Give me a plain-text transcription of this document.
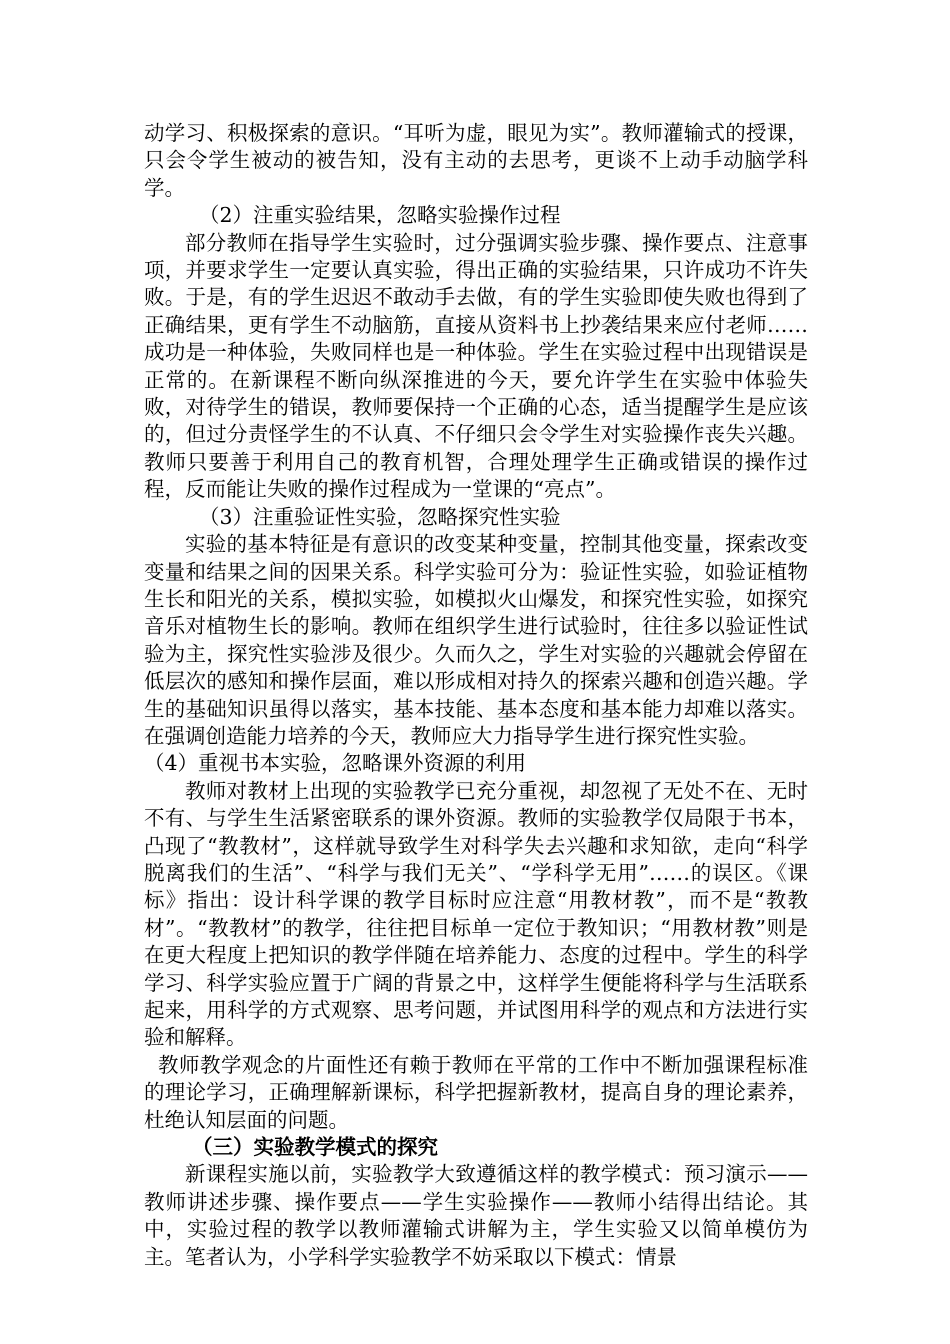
动学习、积极探索的意识。“耳听为虚，眼见为实”。教师灌输式的授课，只会令学生被动的被告知，没有主动的去思考，更谈不上动手动脑学科学。

（2）注重实验结果，忽略实验操作过程

部分教师在指导学生实验时，过分强调实验步骤、操作要点、注意事项，并要求学生一定要认真实验，得出正确的实验结果，只许成功不许失败。于是，有的学生迟迟不敢动手去做，有的学生实验即使失败也得到了正确结果，更有学生不动脑筋，直接从资料书上抄袭结果来应付老师……成功是一种体验，失败同样也是一种体验。学生在实验过程中出现错误是正常的。在新课程不断向纵深推进的今天，要允许学生在实验中体验失败，对待学生的错误，教师要保持一个正确的心态，适当提醒学生是应该的，但过分责怪学生的不认真、不仔细只会令学生对实验操作丧失兴趣。教师只要善于利用自己的教育机智，合理处理学生正确或错误的操作过程，反而能让失败的操作过程成为一堂课的“亮点”。

（3）注重验证性实验，忽略探究性实验

实验的基本特征是有意识的改变某种变量，控制其他变量，探索改变变量和结果之间的因果关系。科学实验可分为：验证性实验，如验证植物生长和阳光的关系，模拟实验，如模拟火山爆发，和探究性实验，如探究音乐对植物生长的影响。教师在组织学生进行试验时，往往多以验证性试验为主，探究性实验涉及很少。久而久之，学生对实验的兴趣就会停留在低层次的感知和操作层面，难以形成相对持久的探索兴趣和创造兴趣。学生的基础知识虽得以落实，基本技能、基本态度和基本能力却难以落实。在强调创造能力培养的今天，教师应大力指导学生进行探究性实验。

（4）重视书本实验，忽略课外资源的利用

教师对教材上出现的实验教学已充分重视，却忽视了无处不在、无时不有、与学生生活紧密联系的课外资源。教师的实验教学仅局限于书本，凸现了“教教材”，这样就导致学生对科学失去兴趣和求知欲，走向“科学脱离我们的生活”、“科学与我们无关”、“学科学无用”……的误区。《课标》指出：设计科学课的教学目标时应注意“用教材教”，而不是“教教材”。“教教材”的教学，往往把目标单一定位于教知识；“用教材教”则是在更大程度上把知识的教学伴随在培养能力、态度的过程中。学生的科学学习、科学实验应置于广阔的背景之中，这样学生便能将科学与生活联系起来，用科学的方式观察、思考问题，并试图用科学的观点和方法进行实验和解释。

教师教学观念的片面性还有赖于教师在平常的工作中不断加强课程标准的理论学习，正确理解新课标，科学把握新教材，提高自身的理论素养，杜绝认知层面的问题。

（三）实验教学模式的探究

新课程实施以前，实验教学大致遵循这样的教学模式：预习演示——教师讲述步骤、操作要点——学生实验操作——教师小结得出结论。其中，实验过程的教学以教师灌输式讲解为主，学生实验又以简单模仿为主。笔者认为，小学科学实验教学不妨采取以下模式：情景
